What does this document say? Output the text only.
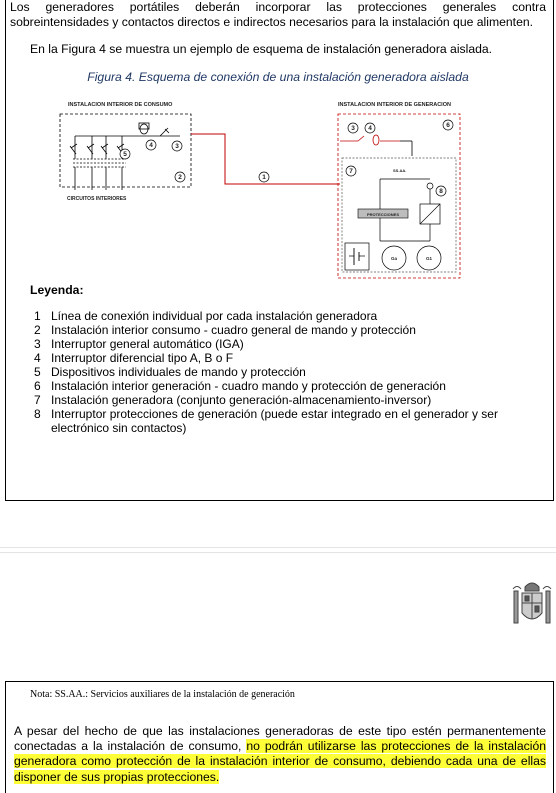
Los generadores portátiles deberán incorporar las protecciones generales contra sobreintensidades y contactos directos e indirectos necesarios para la instalación que alimenten.

En la Figura 4 se muestra un ejemplo de esquema de instalación generadora aislada.

Figura 4. Esquema de conexión de una instalación generadora aislada

INSTALACION INTERIOR DE CONSUMO
CIRCUITOS INTERIORES
5
4	3
2	1
INSTALACION INTERIOR DE GENERACION
6
3 4
7	SS.AA.
8
PROTECCIONES
Ga	G1

Leyenda:

1 Línea de conexión individual por cada instalación generadora
2 Instalación interior consumo - cuadro general de mando y protección
3 Interruptor general automático (IGA)
4 Interruptor diferencial tipo A, B o F
5 Dispositivos individuales de mando y protección
6 Instalación interior generación - cuadro mando y protección de generación
7 Instalación generadora (conjunto generación-almacenamiento-inversor)
8 Interruptor protecciones de generación (puede estar integrado en el generador y ser electrónico sin contactos)

Nota: SS.AA.: Servicios auxiliares de la instalación de generación

A pesar del hecho de que las instalaciones generadoras de este tipo estén permanentemente conectadas a la instalación de consumo, no podrán utilizarse las protecciones de la instalación generadora como protección de la instalación interior de consumo, debiendo cada una de ellas disponer de sus propias protecciones.
